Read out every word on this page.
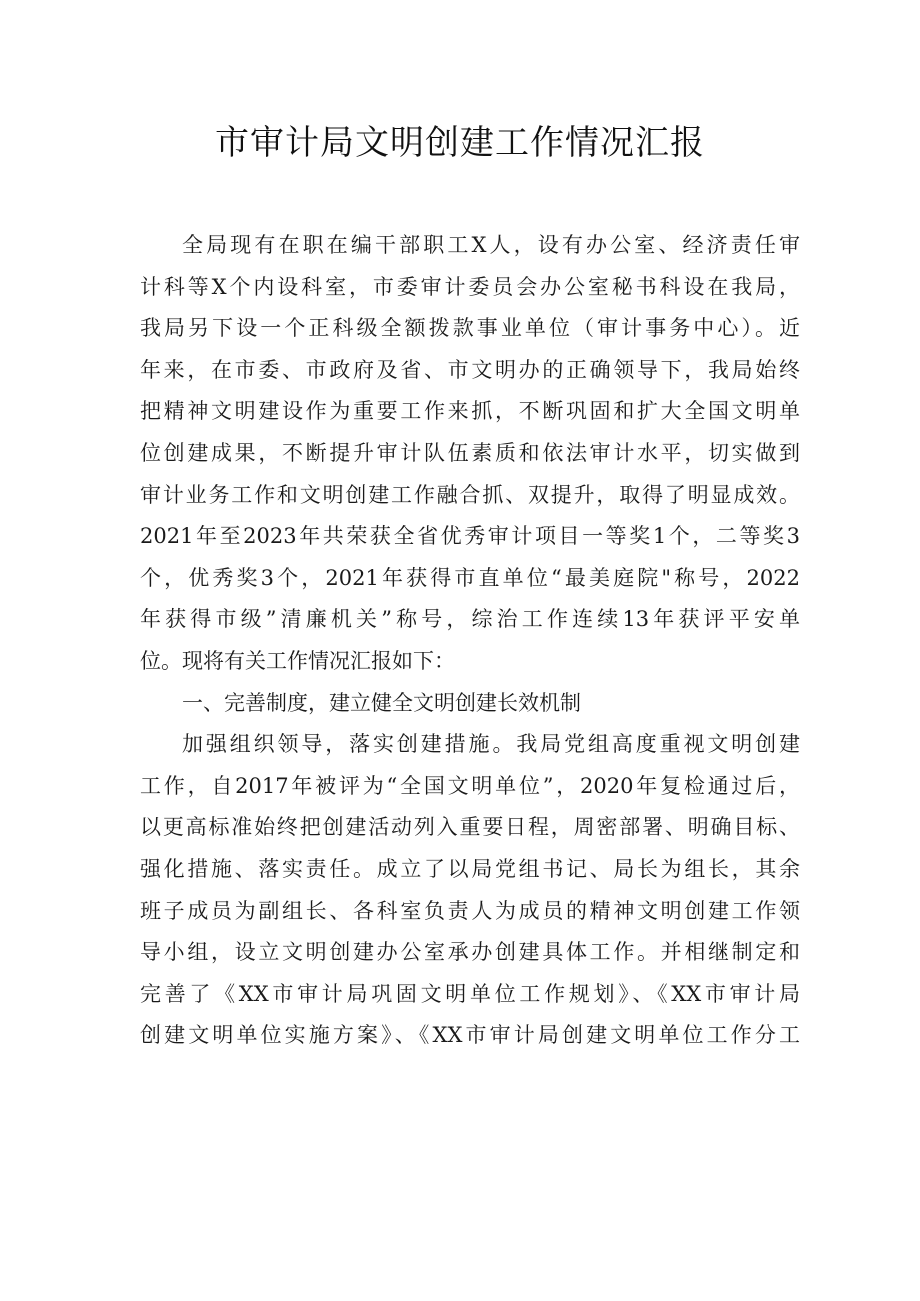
市审计局文明创建工作情况汇报
全局现有在职在编干部职工X人，设有办公室、经济责任审
计科等X个内设科室，市委审计委员会办公室秘书科设在我局，
我局另下设一个正科级全额拨款事业单位（审计事务中心）。近
年来，在市委、市政府及省、市文明办的正确领导下，我局始终
把精神文明建设作为重要工作来抓，不断巩固和扩大全国文明单
位创建成果，不断提升审计队伍素质和依法审计水平，切实做到
审计业务工作和文明创建工作融合抓、双提升，取得了明显成效。
2021年至2023年共荣获全省优秀审计项目一等奖1个，二等奖3
个，优秀奖3个，2021年获得市直单位“最美庭院"称号，2022
年获得市级”清廉机关”称号，综治工作连续13年获评平安单
位。现将有关工作情况汇报如下：
一、完善制度，建立健全文明创建长效机制
加强组织领导，落实创建措施。我局党组高度重视文明创建
工作，自2017年被评为“全国文明单位”，2020年复检通过后，
以更高标准始终把创建活动列入重要日程，周密部署、明确目标、
强化措施、落实责任。成立了以局党组书记、局长为组长，其余
班子成员为副组长、各科室负责人为成员的精神文明创建工作领
导小组，设立文明创建办公室承办创建具体工作。并相继制定和
完善了《XX市审计局巩固文明单位工作规划》、《XX市审计局
创建文明单位实施方案》、《XX市审计局创建文明单位工作分工
